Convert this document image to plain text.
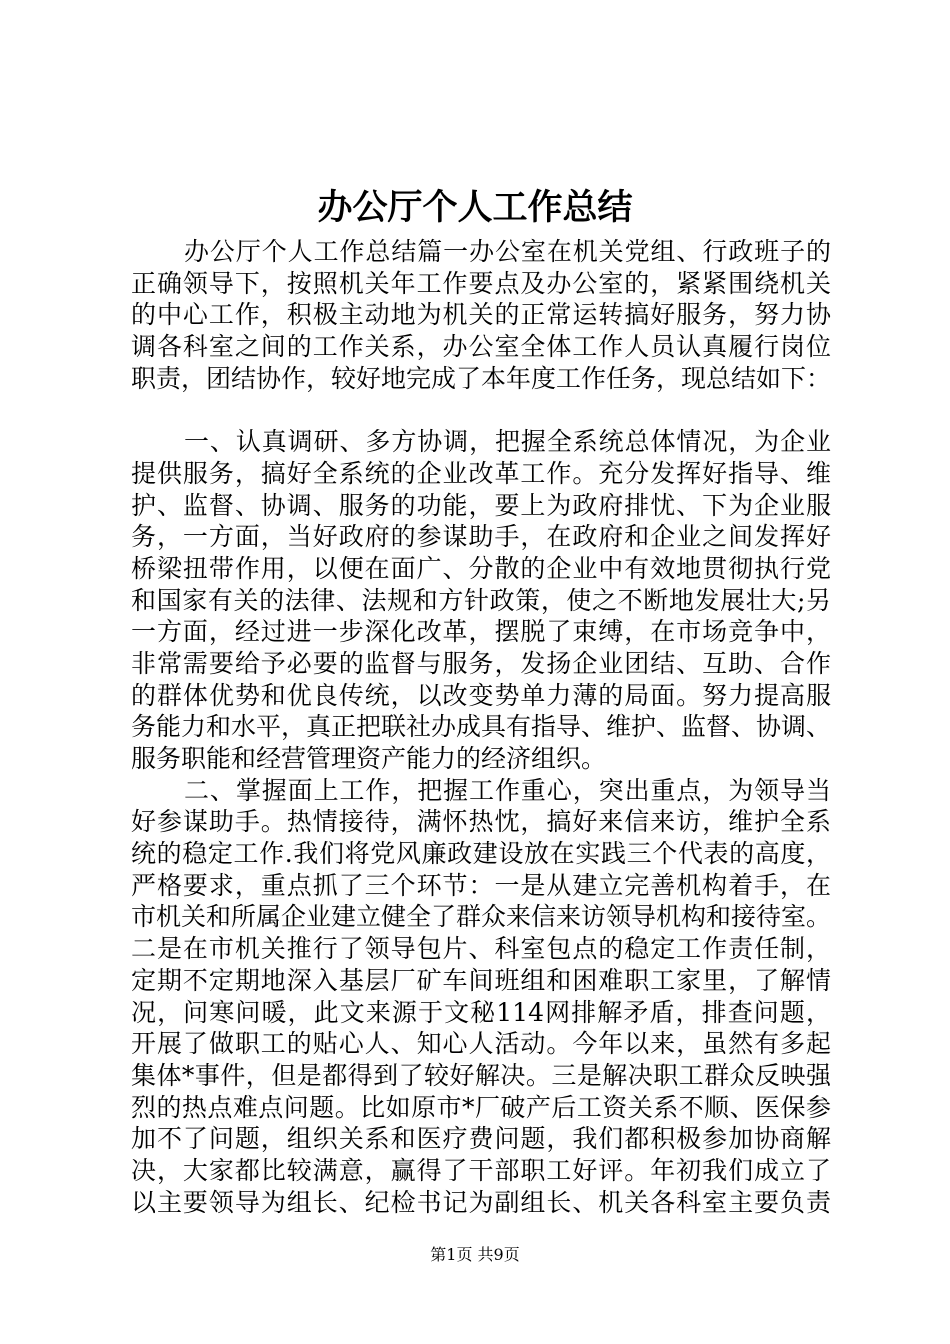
办公厅个人工作总结
办公厅个人工作总结篇一办公室在机关党组、行政班子的
正确领导下，按照机关年工作要点及办公室的，紧紧围绕机关
的中心工作，积极主动地为机关的正常运转搞好服务，努力协
调各科室之间的工作关系，办公室全体工作人员认真履行岗位
职责，团结协作，较好地完成了本年度工作任务，现总结如下：
一、认真调研、多方协调，把握全系统总体情况，为企业
提供服务，搞好全系统的企业改革工作。充分发挥好指导、维
护、监督、协调、服务的功能，要上为政府排忧、下为企业服
务，一方面，当好政府的参谋助手，在政府和企业之间发挥好
桥梁扭带作用，以便在面广、分散的企业中有效地贯彻执行党
和国家有关的法律、法规和方针政策，使之不断地发展壮大;另
一方面，经过进一步深化改革，摆脱了束缚，在市场竞争中，
非常需要给予必要的监督与服务，发扬企业团结、互助、合作
的群体优势和优良传统，以改变势单力薄的局面。努力提高服
务能力和水平，真正把联社办成具有指导、维护、监督、协调、
服务职能和经营管理资产能力的经济组织。
二、掌握面上工作，把握工作重心，突出重点，为领导当
好参谋助手。热情接待，满怀热忱，搞好来信来访，维护全系
统的稳定工作.我们将党风廉政建设放在实践三个代表的高度，
严格要求，重点抓了三个环节：一是从建立完善机构着手，在
市机关和所属企业建立健全了群众来信来访领导机构和接待室。
二是在市机关推行了领导包片、科室包点的稳定工作责任制，
定期不定期地深入基层厂矿车间班组和困难职工家里，了解情
况，问寒问暖，此文来源于文秘114网排解矛盾，排查问题，
开展了做职工的贴心人、知心人活动。今年以来，虽然有多起
集体*事件，但是都得到了较好解决。三是解决职工群众反映强
烈的热点难点问题。比如原市*厂破产后工资关系不顺、医保参
加不了问题，组织关系和医疗费问题，我们都积极参加协商解
决，大家都比较满意，赢得了干部职工好评。年初我们成立了
以主要领导为组长、纪检书记为副组长、机关各科室主要负责
第1页 共9页
